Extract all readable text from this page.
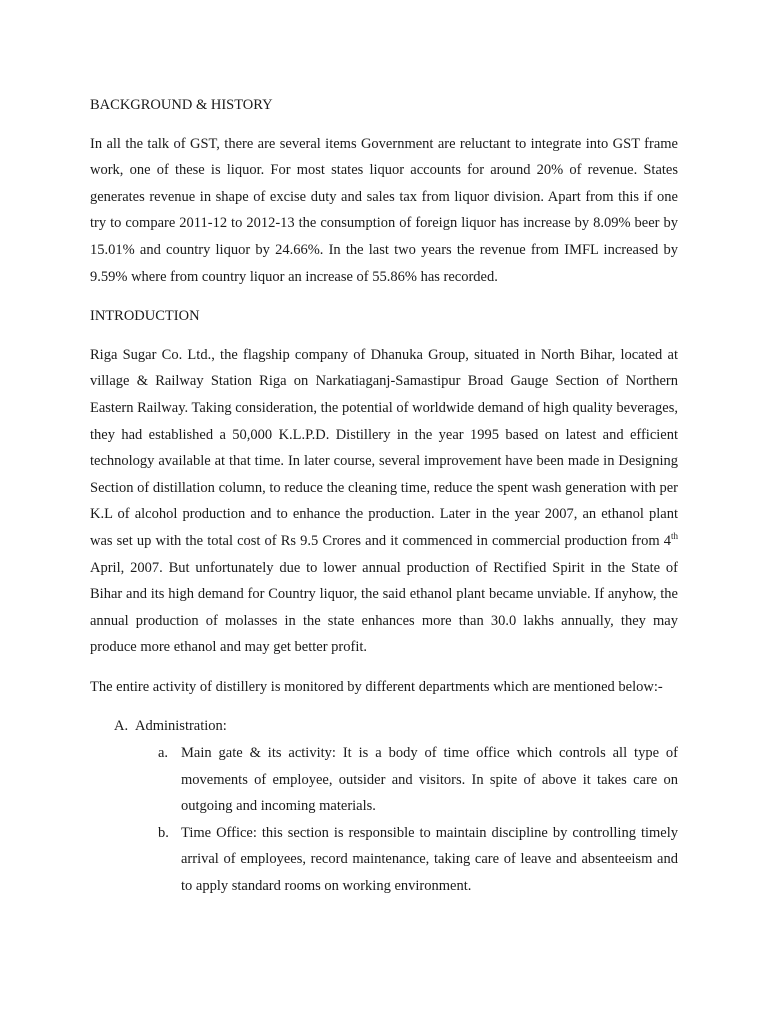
BACKGROUND & HISTORY

In all the talk of GST, there are several items Government are reluctant to integrate into GST frame work, one of these is liquor. For most states liquor accounts for around 20% of revenue. States generates revenue in shape of excise duty and sales tax from liquor division. Apart from this if one try to compare 2011-12 to 2012-13 the consumption of foreign liquor has increase by 8.09% beer by 15.01% and country liquor by 24.66%. In the last two years the revenue from IMFL increased by 9.59% where from country liquor an increase of 55.86% has recorded.

INTRODUCTION

Riga Sugar Co. Ltd., the flagship company of Dhanuka Group, situated in North Bihar, located at village & Railway Station Riga on Narkatiaganj-Samastipur Broad Gauge Section of Northern Eastern Railway. Taking consideration, the potential of worldwide demand of high quality beverages, they had established a 50,000 K.L.P.D. Distillery in the year 1995 based on latest and efficient technology available at that time. In later course, several improvement have been made in Designing Section of distillation column, to reduce the cleaning time, reduce the spent wash generation with per K.L of alcohol production and to enhance the production. Later in the year 2007, an ethanol plant was set up with the total cost of Rs 9.5 Crores and it commenced in commercial production from 4th April, 2007. But unfortunately due to lower annual production of Rectified Spirit in the State of Bihar and its high demand for Country liquor, the said ethanol plant became unviable. If anyhow, the annual production of molasses in the state enhances more than 30.0 lakhs annually, they may produce more ethanol and may get better profit.

The entire activity of distillery is monitored by different departments which are mentioned below:-

A. Administration:
a. Main gate & its activity: It is a body of time office which controls all type of movements of employee, outsider and visitors. In spite of above it takes care on outgoing and incoming materials.
b. Time Office: this section is responsible to maintain discipline by controlling timely arrival of employees, record maintenance, taking care of leave and absenteeism and to apply standard rooms on working environment.
